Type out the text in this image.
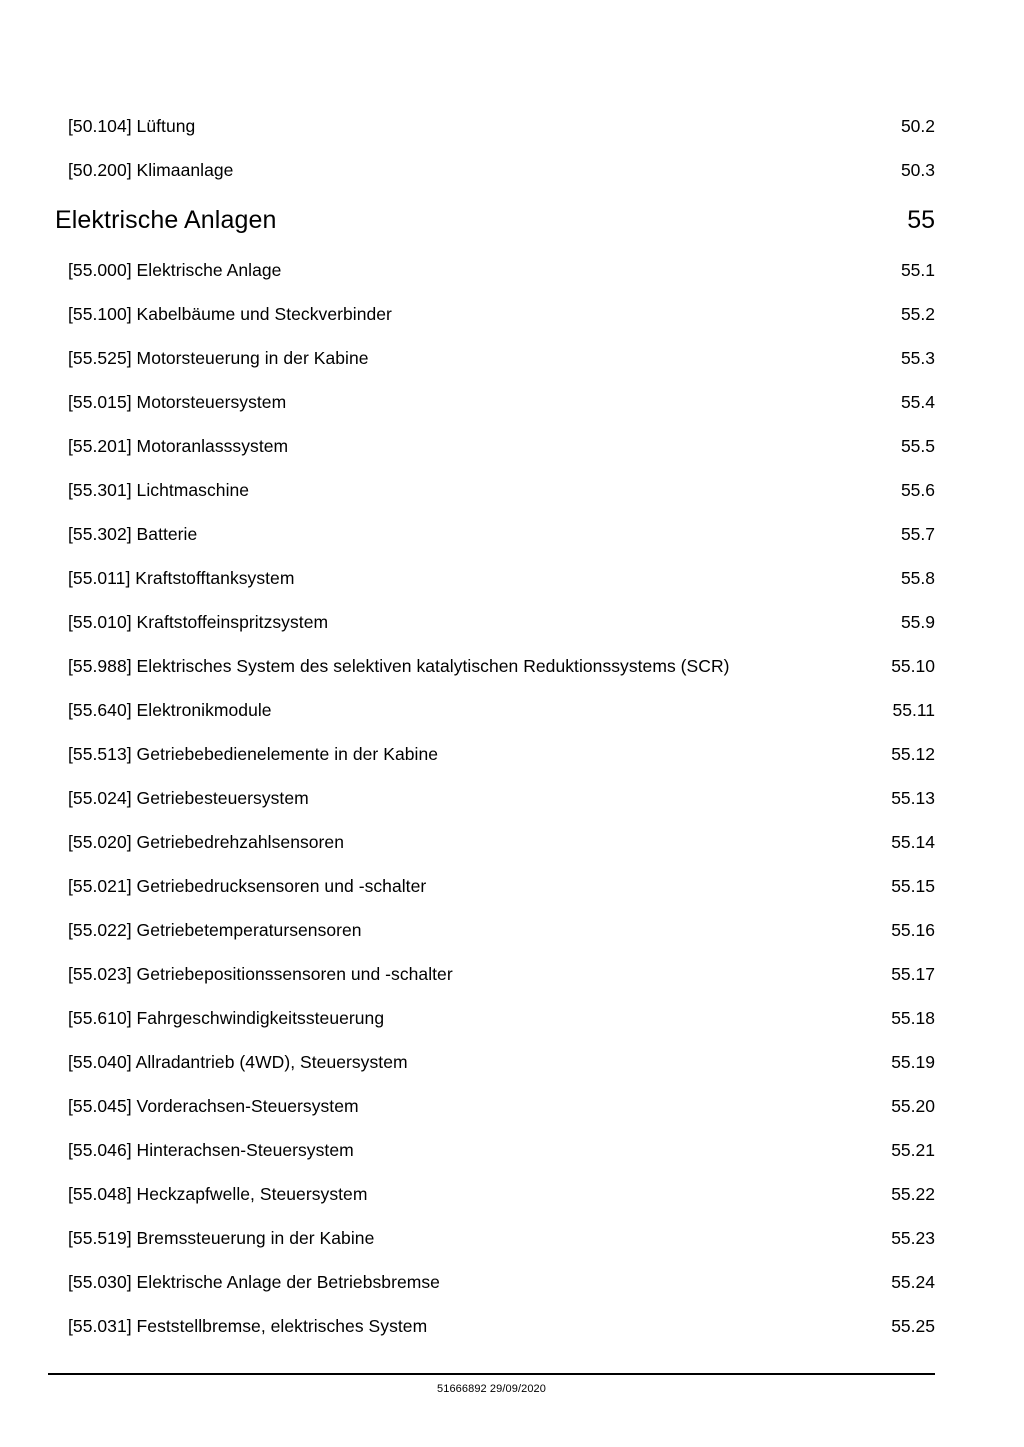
[50.104] Lüftung . . .	50.2
[50.200] Klimaanlage . . .	50.3
Elektrische Anlagen . . .	55
[55.000] Elektrische Anlage . . .	55.1
[55.100] Kabelbäume und Steckverbinder . . .	55.2
[55.525] Motorsteuerung in der Kabine . . .	55.3
[55.015] Motorsteuersystem . . .	55.4
[55.201] Motoranlasssystem . . .	55.5
[55.301] Lichtmaschine . . .	55.6
[55.302] Batterie . . .	55.7
[55.011] Kraftstofftanksystem . . .	55.8
[55.010] Kraftstoffeinspritzsystem . . .	55.9
[55.988] Elektrisches System des selektiven katalytischen Reduktionssystems (SCR) . . .	55.10
[55.640] Elektronikmodule . . .	55.11
[55.513] Getriebebedienelemente in der Kabine . . .	55.12
[55.024] Getriebesteuersystem . . .	55.13
[55.020] Getriebedrehzahlsensoren . . .	55.14
[55.021] Getriebedrucksensoren und -schalter . . .	55.15
[55.022] Getriebetemperatursensoren . . .	55.16
[55.023] Getriebepositionssensoren und -schalter . . .	55.17
[55.610] Fahrgeschwindigkeitssteuerung . . .	55.18
[55.040] Allradantrieb (4WD), Steuersystem . . .	55.19
[55.045] Vorderachsen-Steuersystem . . .	55.20
[55.046] Hinterachsen-Steuersystem . . .	55.21
[55.048] Heckzapfwelle, Steuersystem . . .	55.22
[55.519] Bremssteuerung in der Kabine . . .	55.23
[55.030] Elektrische Anlage der Betriebsbremse . . .	55.24
[55.031] Feststellbremse, elektrisches System . . .	55.25
51666892 29/09/2020
